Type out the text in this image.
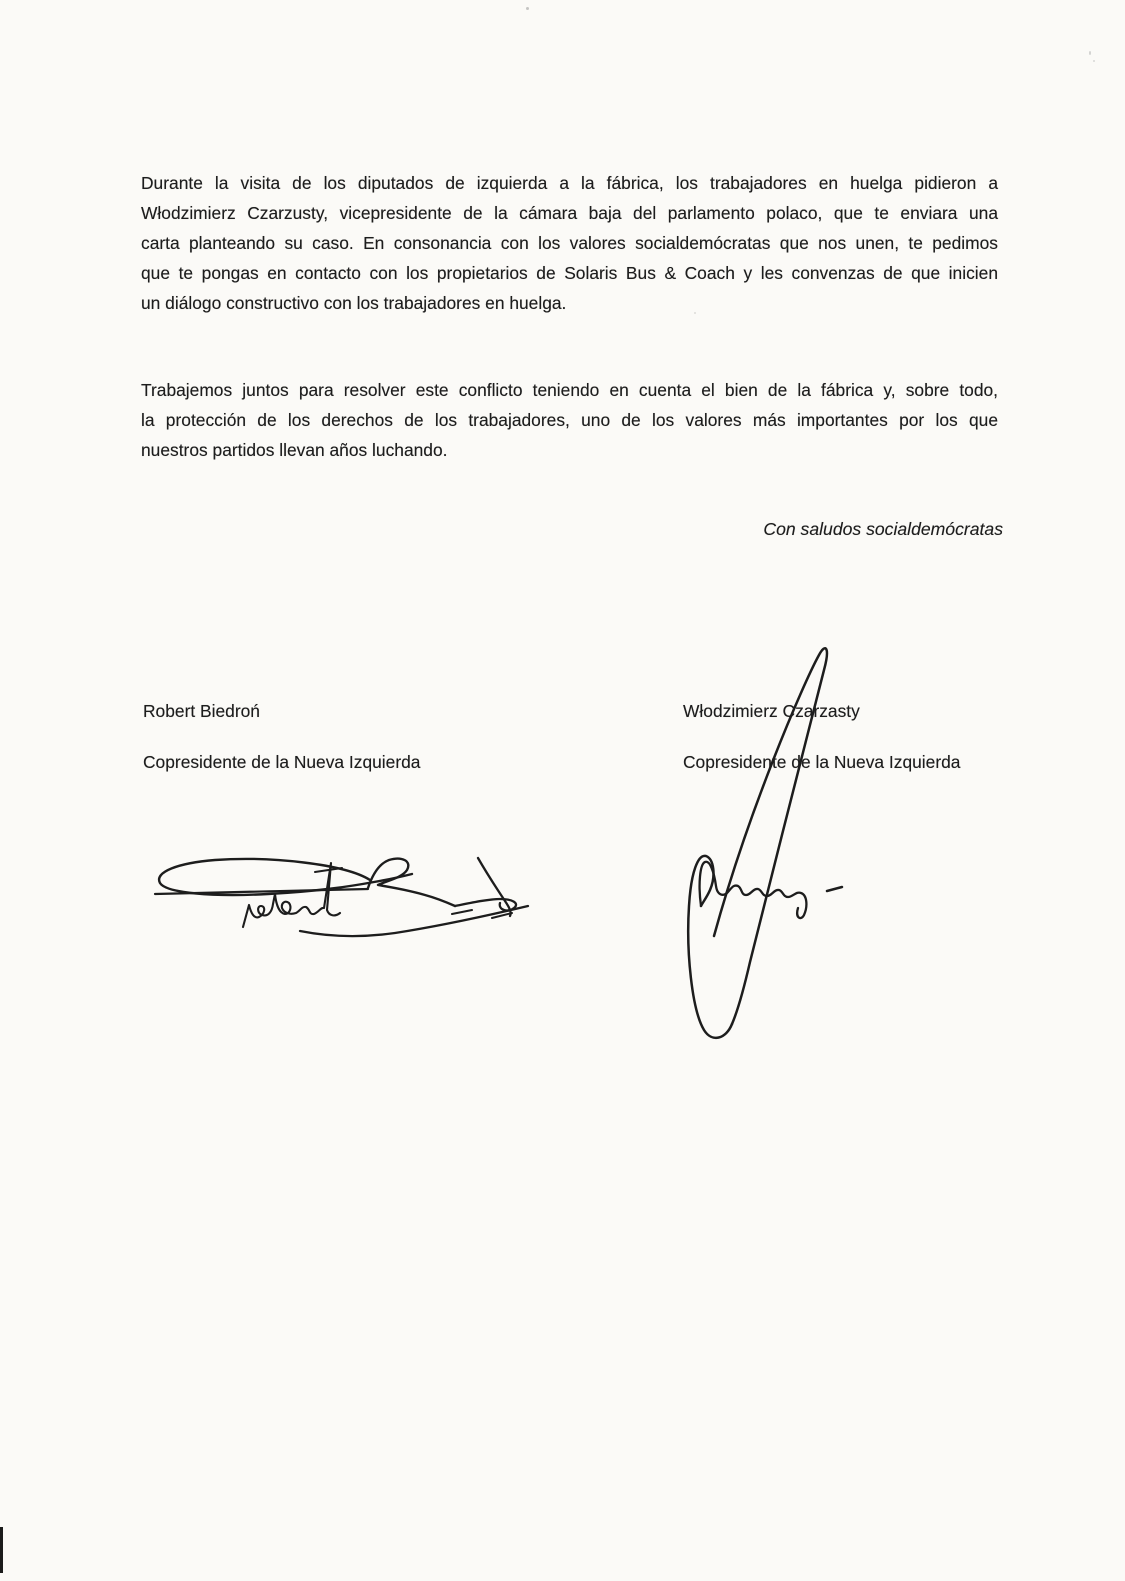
Durante la visita de los diputados de izquierda a la fábrica, los trabajadores en huelga pidieron a
Włodzimierz Czarzusty, vicepresidente de la cámara baja del parlamento polaco, que te enviara una
carta planteando su caso. En consonancia con los valores socialdemócratas que nos unen, te pedimos
que te pongas en contacto con los propietarios de Solaris Bus & Coach y les convenzas de que inicien
un diálogo constructivo con los trabajadores en huelga.
Trabajemos juntos para resolver este conflicto teniendo en cuenta el bien de la fábrica y, sobre todo,
la protección de los derechos de los trabajadores, uno de los valores más importantes por los que
nuestros partidos llevan años luchando.
Con saludos socialdemócratas
Robert Biedroń
Copresidente de la Nueva Izquierda
Włodzimierz Czarzasty
Copresidente de la Nueva Izquierda
